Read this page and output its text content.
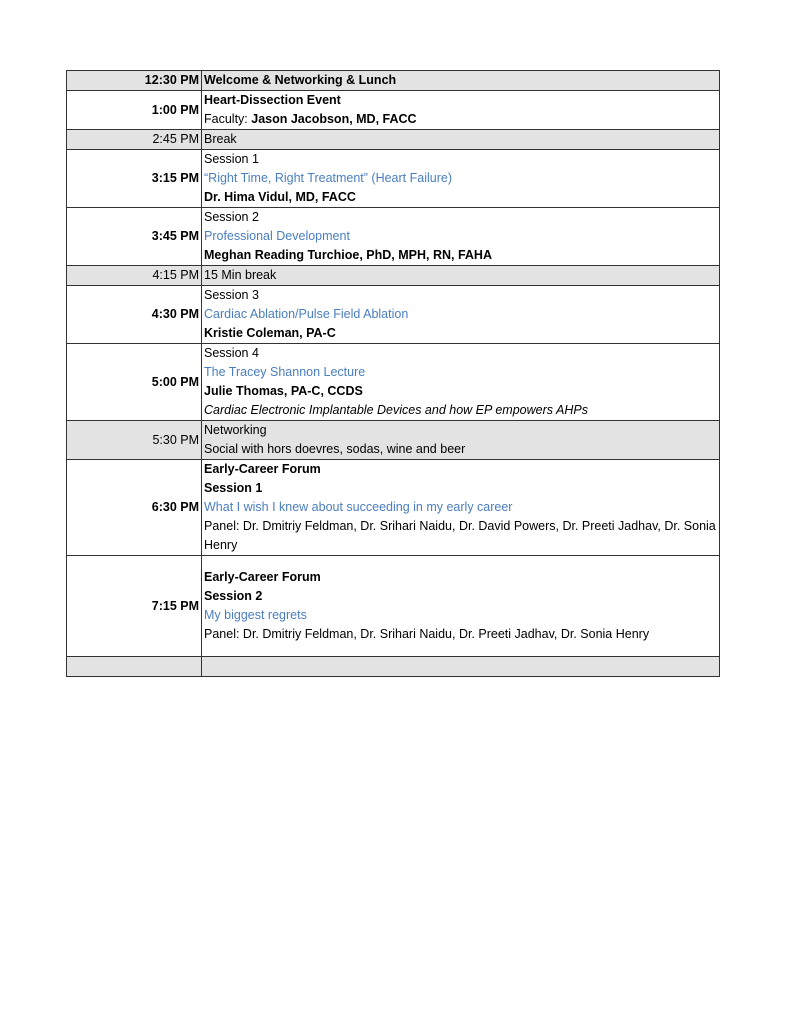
12:30 PM	Welcome & Networking & Lunch

1:00 PM	Heart-Dissection Event
Faculty: Jason Jacobson, MD, FACC

2:45 PM	Break

3:15 PM	Session 1
“Right Time, Right Treatment” (Heart Failure)
Dr. Hima Vidul, MD, FACC

3:45 PM	Session 2
Professional Development
Meghan Reading Turchioe, PhD, MPH, RN, FAHA

4:15 PM	15 Min break

4:30 PM	Session 3
Cardiac Ablation/Pulse Field Ablation
Kristie Coleman, PA-C

5:00 PM	Session 4
The Tracey Shannon Lecture
Julie Thomas, PA-C, CCDS
Cardiac Electronic Implantable Devices and how EP empowers AHPs

5:30 PM	Networking
Social with hors doevres, sodas, wine and beer

6:30 PM	Early-Career Forum
Session 1
What I wish I knew about succeeding in my early career
Panel: Dr. Dmitriy Feldman, Dr. Srihari Naidu, Dr. David Powers, Dr. Preeti Jadhav, Dr. Sonia Henry

7:15 PM	Early-Career Forum
Session 2
My biggest regrets
Panel: Dr. Dmitriy Feldman, Dr. Srihari Naidu, Dr. Preeti Jadhav, Dr. Sonia Henry
